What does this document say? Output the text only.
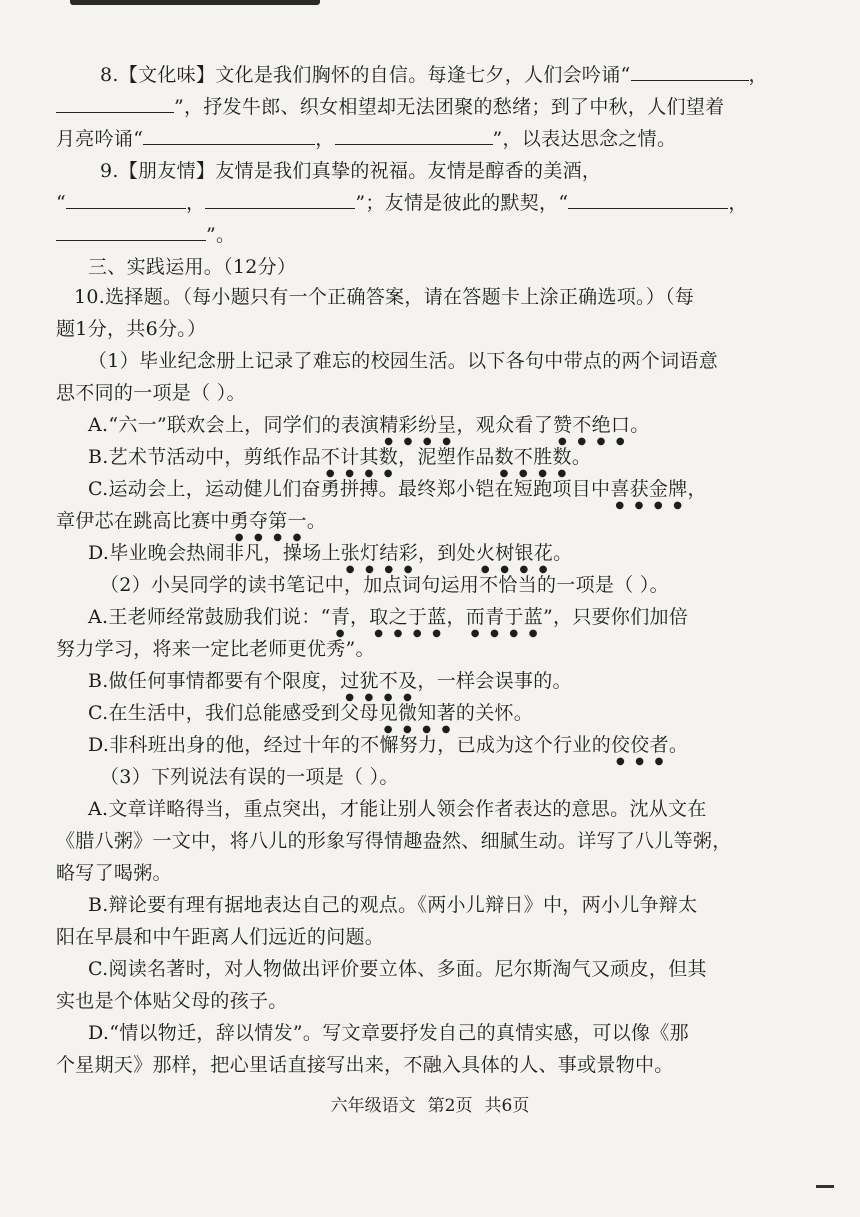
8.【文化味】文化是我们胸怀的自信。每逢七夕，人们会吟诵“	，
”，抒发牛郎、织女相望却无法团聚的愁绪；到了中秋，人们望着
月亮吟诵“	，	”，以表达思念之情。
9.【朋友情】友情是我们真挚的祝福。友情是醇香的美酒，
“	，	”；友情是彼此的默契，“	，
”。
三、实践运用。（12分）
10.选择题。（每小题只有一个正确答案，请在答题卡上涂正确选项。）（每
题1分，共6分。）
（1）毕业纪念册上记录了难忘的校园生活。以下各句中带点的两个词语意
思不同的一项是（ ）。
A.“六一”联欢会上，同学们的表演精彩纷呈，观众看了赞不绝口。
B.艺术节活动中，剪纸作品不计其数，泥塑作品数不胜数。
C.运动会上，运动健儿们奋勇拼搏。最终郑小铠在短跑项目中喜获金牌，
章伊芯在跳高比赛中勇夺第一。
D.毕业晚会热闹非凡，操场上张灯结彩，到处火树银花。
（2）小吴同学的读书笔记中，加点词句运用不恰当的一项是（ ）。
A.王老师经常鼓励我们说：“青，取之于蓝，而青于蓝”，只要你们加倍
努力学习，将来一定比老师更优秀”。
B.做任何事情都要有个限度，过犹不及，一样会误事的。
C.在生活中，我们总能感受到父母见微知著的关怀。
D.非科班出身的他，经过十年的不懈努力，已成为这个行业的佼佼者。
（3）下列说法有误的一项是（ ）。
A.文章详略得当，重点突出，才能让别人领会作者表达的意思。沈从文在
《腊八粥》一文中，将八儿的形象写得情趣盎然、细腻生动。详写了八儿等粥，
略写了喝粥。
B.辩论要有理有据地表达自己的观点。《两小儿辩日》中，两小儿争辩太
阳在早晨和中午距离人们远近的问题。
C.阅读名著时，对人物做出评价要立体、多面。尼尔斯淘气又顽皮，但其
实也是个体贴父母的孩子。
D.“情以物迁，辞以情发”。写文章要抒发自己的真情实感，可以像《那
个星期天》那样，把心里话直接写出来，不融入具体的人、事或景物中。
六年级语文 第2页 共6页
